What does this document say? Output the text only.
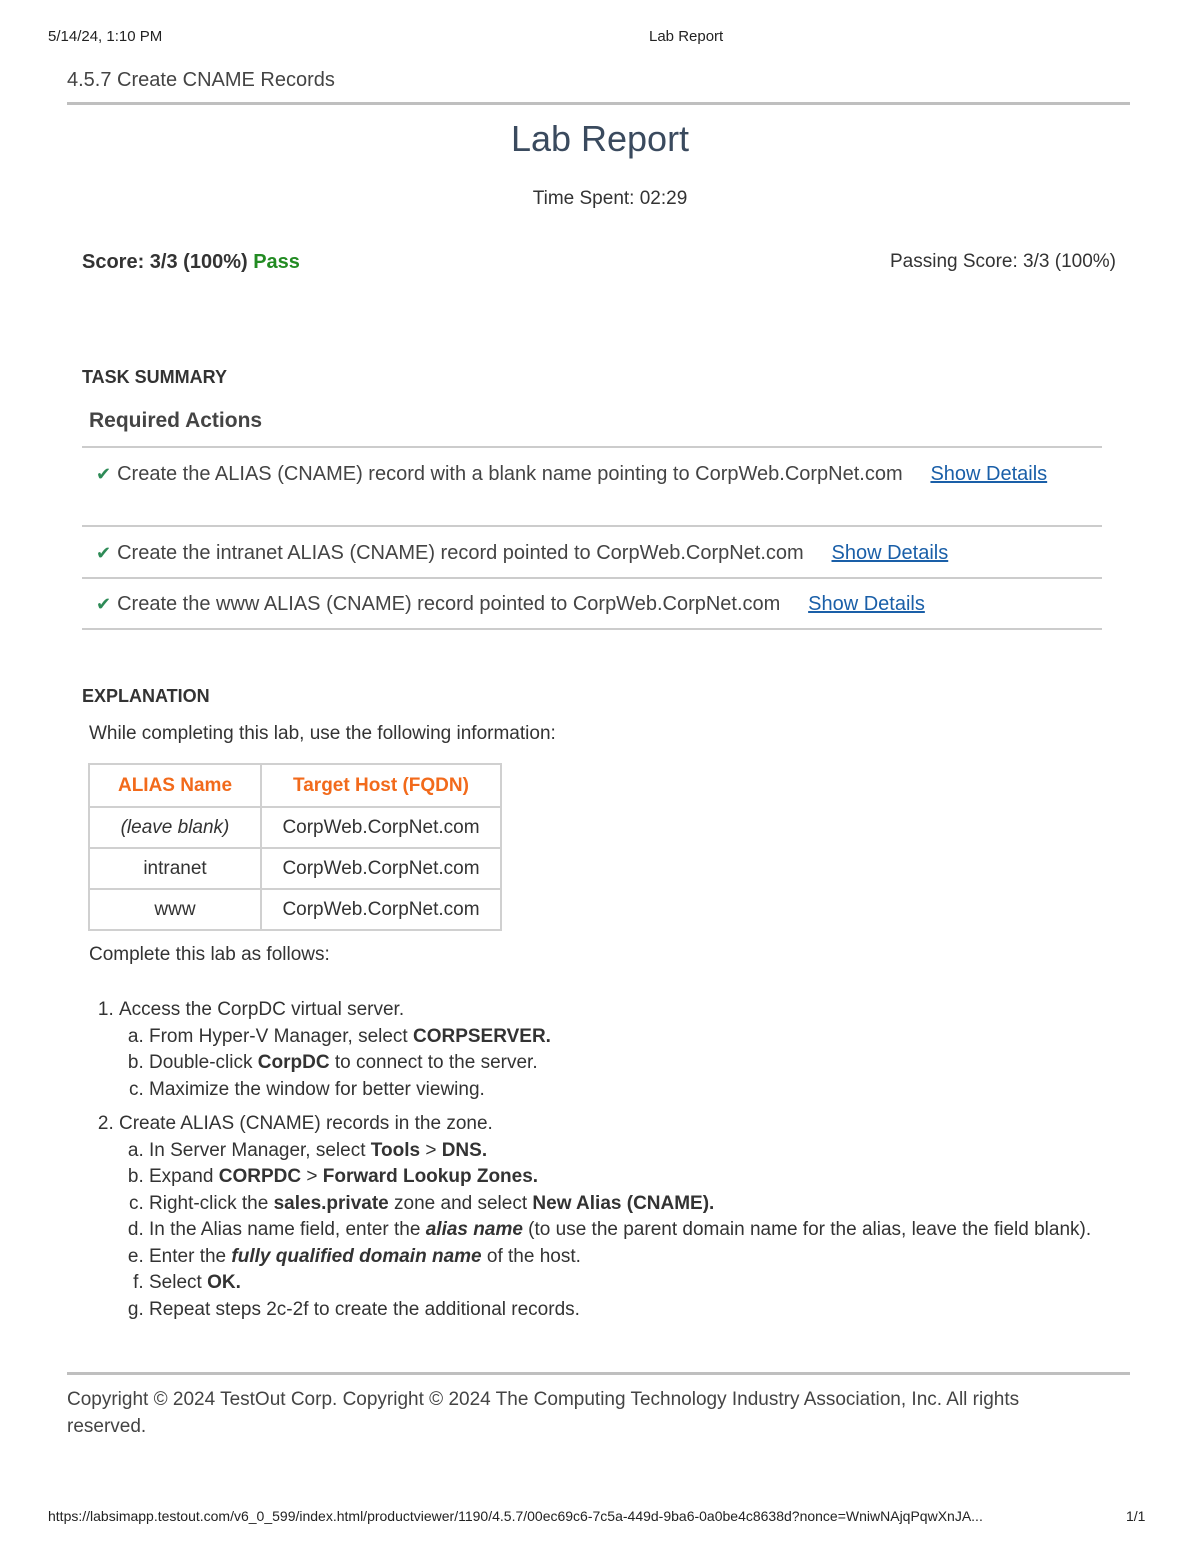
5/14/24, 1:10 PM	Lab Report
4.5.7 Create CNAME Records
Lab Report
Time Spent: 02:29
Score: 3/3 (100%) Pass	Passing Score: 3/3 (100%)
TASK SUMMARY
Required Actions
✔ Create the ALIAS (CNAME) record with a blank name pointing to CorpWeb.CorpNet.com Show Details
✔ Create the intranet ALIAS (CNAME) record pointed to CorpWeb.CorpNet.com Show Details
✔ Create the www ALIAS (CNAME) record pointed to CorpWeb.CorpNet.com Show Details
EXPLANATION
While completing this lab, use the following information:
ALIAS Name	Target Host (FQDN)
(leave blank)	CorpWeb.CorpNet.com
intranet	CorpWeb.CorpNet.com
www	CorpWeb.CorpNet.com
Complete this lab as follows:
1. Access the CorpDC virtual server.
a. From Hyper-V Manager, select CORPSERVER.
b. Double-click CorpDC to connect to the server.
c. Maximize the window for better viewing.
2. Create ALIAS (CNAME) records in the zone.
a. In Server Manager, select Tools > DNS.
b. Expand CORPDC > Forward Lookup Zones.
c. Right-click the sales.private zone and select New Alias (CNAME).
d. In the Alias name field, enter the alias name (to use the parent domain name for the alias, leave the field blank).
e. Enter the fully qualified domain name of the host.
f. Select OK.
g. Repeat steps 2c-2f to create the additional records.
Copyright © 2024 TestOut Corp. Copyright © 2024 The Computing Technology Industry Association, Inc. All rights reserved.
https://labsimapp.testout.com/v6_0_599/index.html/productviewer/1190/4.5.7/00ec69c6-7c5a-449d-9ba6-0a0be4c8638d?nonce=WniwNAjqPqwXnJA...	1/1
